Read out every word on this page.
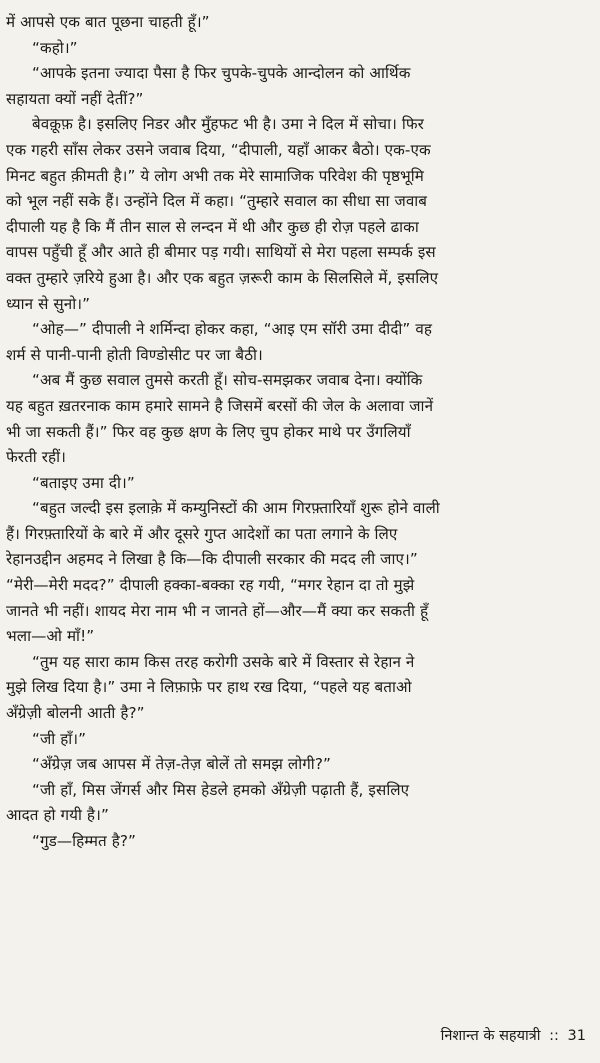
में आपसे एक बात पूछना चाहती हूँ।”
“कहो।”
“आपके इतना ज्यादा पैसा है फिर चुपके-चुपके आन्दोलन को आर्थिक
सहायता क्यों नहीं देतीं?”
बेवक़ूफ़ है। इसलिए निडर और मुँहफट भी है। उमा ने दिल में सोचा। फिर
एक गहरी साँस लेकर उसने जवाब दिया, “दीपाली, यहाँ आकर बैठो। एक-एक
मिनट बहुत क़ीमती है।” ये लोग अभी तक मेरे सामाजिक परिवेश की पृष्ठभूमि
को भूल नहीं सके हैं। उन्होंने दिल में कहा। “तुम्हारे सवाल का सीधा सा जवाब
दीपाली यह है कि मैं तीन साल से लन्दन में थी और कुछ ही रोज़ पहले ढाका
वापस पहुँची हूँ और आते ही बीमार पड़ गयी। साथियों से मेरा पहला सम्पर्क इस
वक्त तुम्हारे ज़रिये हुआ है। और एक बहुत ज़रूरी काम के सिलसिले में, इसलिए
ध्यान से सुनो।”
“ओह—” दीपाली ने शर्मिन्दा होकर कहा, “आइ एम सॉरी उमा दीदी” वह
शर्म से पानी-पानी होती विण्डोसीट पर जा बैठी।
“अब मैं कुछ सवाल तुमसे करती हूँ। सोच-समझकर जवाब देना। क्योंकि
यह बहुत ख़तरनाक काम हमारे सामने है जिसमें बरसों की जेल के अलावा जानें
भी जा सकती हैं।” फिर वह कुछ क्षण के लिए चुप होकर माथे पर उँगलियाँ
फेरती रहीं।
“बताइए उमा दी।”
“बहुत जल्दी इस इलाक़े में कम्युनिस्टों की आम गिरफ़्तारियाँ शुरू होने वाली
हैं। गिरफ़्तारियों के बारे में और दूसरे गुप्त आदेशों का पता लगाने के लिए
रेहानउद्दीन अहमद ने लिखा है कि—कि दीपाली सरकार की मदद ली जाए।”
“मेरी—मेरी मदद?” दीपाली हक्का-बक्का रह गयी, “मगर रेहान दा तो मुझे
जानते भी नहीं। शायद मेरा नाम भी न जानते हों—और—मैं क्या कर सकती हूँ
भला—ओ माँ!”
“तुम यह सारा काम किस तरह करोगी उसके बारे में विस्तार से रेहान ने
मुझे लिख दिया है।” उमा ने लिफ़ाफ़े पर हाथ रख दिया, “पहले यह बताओ
अँग्रेज़ी बोलनी आती है?”
“जी हाँ।”
“अँग्रेज़ जब आपस में तेज़-तेज़ बोलें तो समझ लोगी?”
“जी हाँ, मिस जेंगर्स और मिस हेडले हमको अँग्रेज़ी पढ़ाती हैं, इसलिए
आदत हो गयी है।”
“गुड—हिम्मत है?”
निशान्त के सहयात्री :: 31
